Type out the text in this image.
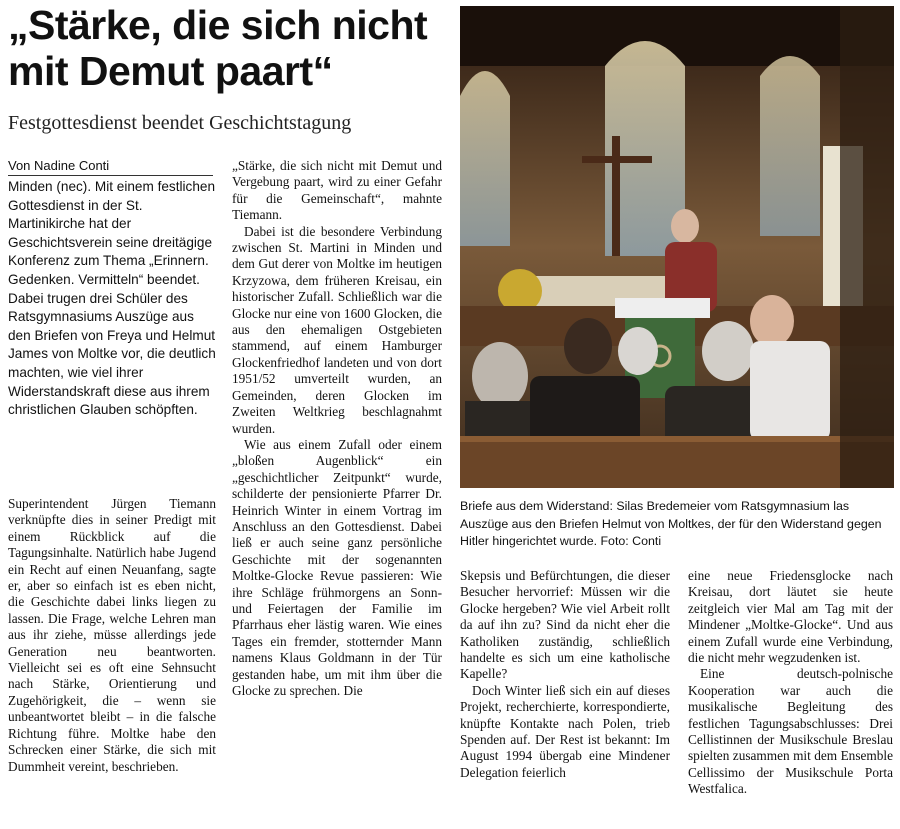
„Stärke, die sich nicht mit Demut paart“
Festgottesdienst beendet Geschichtstagung
Von Nadine Conti

Minden (nec). Mit einem festlichen Gottesdienst in der St. Martinikirche hat der Geschichtsverein seine dreitägige Konferenz zum Thema „Erinnern. Gedenken. Vermitteln“ beendet. Dabei trugen drei Schüler des Ratsgymnasiums Auszüge aus den Briefen von Freya und Helmut James von Moltke vor, die deutlich machten, wie viel ihrer Widerstandskraft diese aus ihrem christlichen Glauben schöpften.

Superintendent Jürgen Tiemann verknüpfte dies in seiner Predigt mit einem Rückblick auf die Tagungsinhalte. Natürlich habe Jugend ein Recht auf einen Neuanfang, sagte er, aber so einfach ist es eben nicht, die Geschichte dabei links liegen zu lassen. Die Frage, welche Lehren man aus ihr ziehe, müsse allerdings jede Generation neu beantworten. Vielleicht sei es oft eine Sehnsucht nach Stärke, Orientierung und Zugehörigkeit, die – wenn sie unbeantwortet bleibt – in die falsche Richtung führe. Moltke habe den Schrecken einer Stärke, die sich mit Dummheit vereint, beschrieben.

„Stärke, die sich nicht mit Demut und Vergebung paart, wird zu einer Gefahr für die Gemeinschaft“, mahnte Tiemann.

Dabei ist die besondere Verbindung zwischen St. Martini in Minden und dem Gut derer von Moltke im heutigen Krzyzowa, dem früheren Kreisau, ein historischer Zufall. Schließlich war die Glocke nur eine von 1600 Glocken, die aus den ehemaligen Ostgebieten stammend, auf einem Hamburger Glockenfriedhof landeten und von dort 1951/52 umverteilt wurden, an Gemeinden, deren Glocken im Zweiten Weltkrieg beschlagnahmt wurden.

Wie aus einem Zufall oder einem „bloßen Augenblick“ ein „geschichtlicher Zeitpunkt“ wurde, schilderte der pensionierte Pfarrer Dr. Heinrich Winter in einem Vortrag im Anschluss an den Gottesdienst. Dabei ließ er auch seine ganz persönliche Geschichte mit der sogenannten Moltke-Glocke Revue passieren: Wie ihre Schläge frühmorgens an Sonn- und Feiertagen der Familie im Pfarrhaus eher lästig waren. Wie eines Tages ein fremder, stotternder Mann namens Klaus Goldmann in der Tür gestanden habe, um mit ihm über die Glocke zu sprechen. Die

Briefe aus dem Widerstand: Silas Bredemeier vom Ratsgymnasium las Auszüge aus den Briefen Helmut von Moltkes, der für den Widerstand gegen Hitler hingerichtet wurde. Foto: Conti

Skepsis und Befürchtungen, die dieser Besucher hervorrief: Müssen wir die Glocke hergeben? Wie viel Arbeit rollt da auf ihn zu? Sind da nicht eher die Katholiken zuständig, schließlich handelte es sich um eine katholische Kapelle?

Doch Winter ließ sich ein auf dieses Projekt, recherchierte, korrespondierte, knüpfte Kontakte nach Polen, trieb Spenden auf. Der Rest ist bekannt: Im August 1994 übergab eine Mindener Delegation feierlich

eine neue Friedensglocke nach Kreisau, dort läutet sie heute zeitgleich vier Mal am Tag mit der Mindener „Moltke-Glocke“. Und aus einem Zufall wurde eine Verbindung, die nicht mehr wegzudenken ist.

Eine deutsch-polnische Kooperation war auch die musikalische Begleitung des festlichen Tagungsabschlusses: Drei Cellistinnen der Musikschule Breslau spielten zusammen mit dem Ensemble Cellissimo der Musikschule Porta Westfalica.
